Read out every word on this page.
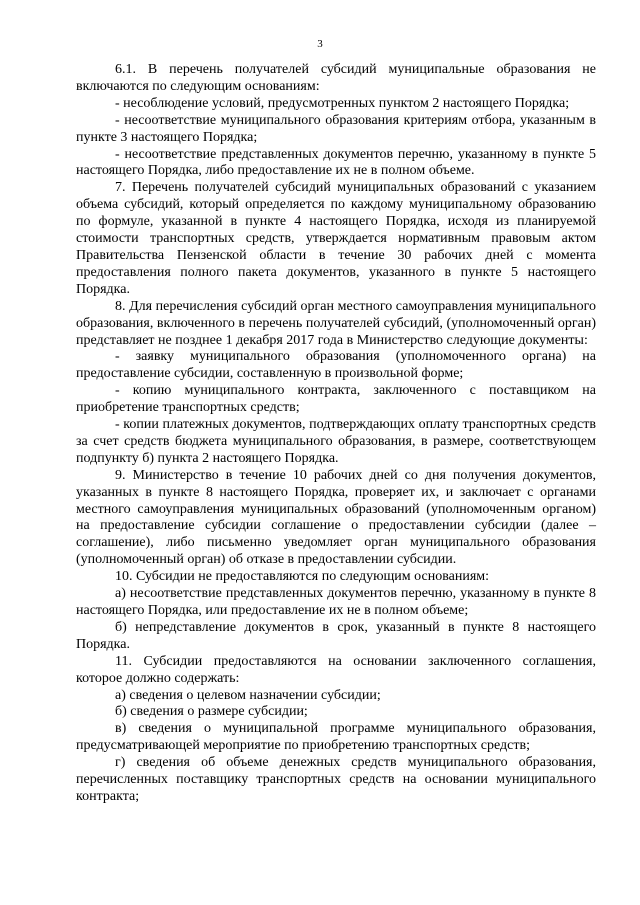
3

6.1. В перечень получателей субсидий муниципальные образования не включаются по следующим основаниям:

- несоблюдение условий, предусмотренных пунктом 2 настоящего Порядка;

- несоответствие муниципального образования критериям отбора, указанным в пункте 3 настоящего Порядка;

- несоответствие представленных документов перечню, указанному в пункте 5 настоящего Порядка, либо предоставление их не в полном объеме.

7. Перечень получателей субсидий муниципальных образований с указанием объема субсидий, который определяется по каждому муниципальному образованию по формуле, указанной в пункте 4 настоящего Порядка, исходя из планируемой стоимости транспортных средств, утверждается нормативным правовым актом Правительства Пензенской области в течение 30 рабочих дней с момента предоставления полного пакета документов, указанного в пункте 5 настоящего Порядка.

8. Для перечисления субсидий орган местного самоуправления муниципального образования, включенного в перечень получателей субсидий, (уполномоченный орган) представляет не позднее 1 декабря 2017 года в Министерство следующие документы:

- заявку муниципального образования (уполномоченного органа) на предоставление субсидии, составленную в произвольной форме;

- копию муниципального контракта, заключенного с поставщиком на приобретение транспортных средств;

- копии платежных документов, подтверждающих оплату транспортных средств за счет средств бюджета муниципального образования, в размере, соответствующем подпункту б) пункта 2 настоящего Порядка.

9. Министерство в течение 10 рабочих дней со дня получения документов, указанных в пункте 8 настоящего Порядка, проверяет их, и заключает с органами местного самоуправления муниципальных образований (уполномоченным органом) на предоставление субсидии соглашение о предоставлении субсидии (далее – соглашение), либо письменно уведомляет орган муниципального образования (уполномоченный орган) об отказе в предоставлении субсидии.

10. Субсидии не предоставляются по следующим основаниям:

а) несоответствие представленных документов перечню, указанному в пункте 8 настоящего Порядка, или предоставление их не в полном объеме;

б) непредставление документов в срок, указанный в пункте 8 настоящего Порядка.

11. Субсидии предоставляются на основании заключенного соглашения, которое должно содержать:

а) сведения о целевом назначении субсидии;

б) сведения о размере субсидии;

в) сведения о муниципальной программе муниципального образования, предусматривающей мероприятие по приобретению транспортных средств;

г) сведения об объеме денежных средств муниципального образования, перечисленных поставщику транспортных средств на основании муниципального контракта;
